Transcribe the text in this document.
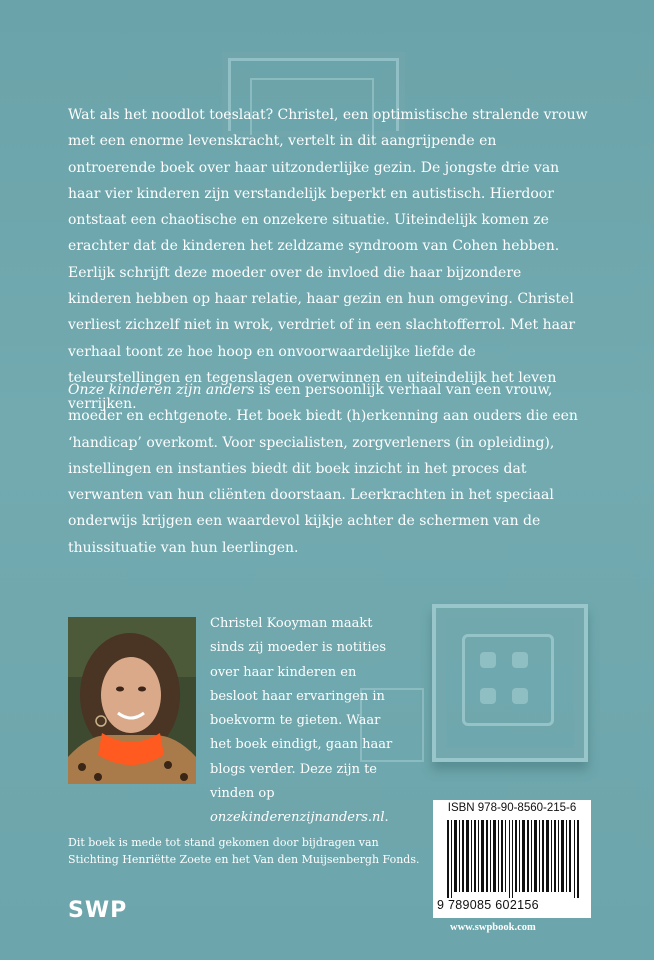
Wat als het noodlot toeslaat? Christel, een optimistische stralende vrouw met een enorme levenskracht, vertelt in dit aangrijpende en ontroerende boek over haar uitzonderlijke gezin. De jongste drie van haar vier kinderen zijn verstandelijk beperkt en autistisch. Hierdoor ontstaat een chaotische en onzekere situatie. Uiteindelijk komen ze erachter dat de kinderen het zeldzame syndroom van Cohen hebben. Eerlijk schrijft deze moeder over de invloed die haar bijzondere kinderen hebben op haar relatie, haar gezin en hun omgeving. Christel verliest zichzelf niet in wrok, verdriet of in een slachtofferrol. Met haar verhaal toont ze hoe hoop en onvoorwaardelijke liefde de teleurstellingen en tegenslagen overwinnen en uiteindelijk het leven verrijken.

Onze kinderen zijn anders is een persoonlijk verhaal van een vrouw, moeder en echtgenote. Het boek biedt (h)erkenning aan ouders die een ‘handicap’ overkomt. Voor specialisten, zorgverleners (in opleiding), instellingen en instanties biedt dit boek inzicht in het proces dat verwanten van hun cliënten doorstaan. Leerkrachten in het speciaal onderwijs krijgen een waardevol kijkje achter de schermen van de thuissituatie van hun leerlingen.

Christel Kooyman maakt sinds zij moeder is notities over haar kinderen en besloot haar ervaringen in boekvorm te gieten. Waar het boek eindigt, gaan haar blogs verder. Deze zijn te vinden op onzekinderenzijnanders.nl.

Dit boek is mede tot stand gekomen door bijdragen van

Stichting Henriëtte Zoete en het Van den Muijsenbergh Fonds.

SWP
ISBN 978-90-8560-215-6
9 789085 602156
www.swpbook.com
